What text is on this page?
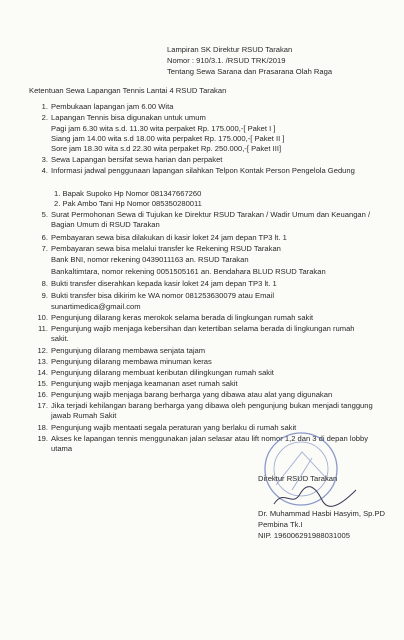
Lampiran SK Direktur RSUD Tarakan
Nomor : 910/3.1. /RSUD TRK/2019
Tentang Sewa Sarana dan Prasarana Olah Raga
Ketentuan Sewa Lapangan Tennis Lantai 4 RSUD Tarakan
1. Pembukaan lapangan jam 6.00 Wita
2. Lapangan Tennis bisa digunakan untuk umum
Pagi jam 6.30 wita s.d. 11.30 wita perpaket Rp. 175.000,-[ Paket I ]
Siang jam 14.00 wita s.d 18.00 wita perpaket Rp. 175.000,-[ Paket II ]
Sore jam 18.30 wita s.d 22.30 wita perpaket Rp. 250.000,-[ Paket III]
3. Sewa Lapangan bersifat sewa harian dan perpaket
4. Informasi jadwal penggunaan lapangan silahkan Telpon Kontak Person Pengelola Gedung
1. Bapak Supoko Hp Nomor 081347667260
2. Pak Ambo Tani Hp Nomor 085350280011
5. Surat Permohonan Sewa di Tujukan ke Direktur RSUD Tarakan / Wadir Umum dan Keuangan / Bagian Umum di RSUD Tarakan
6. Pembayaran sewa bisa dilakukan di kasir loket 24 jam depan TP3 lt. 1
7. Pembayaran sewa bisa melalui transfer ke Rekening RSUD Tarakan
Bank BNI, nomor rekening 0439011163 an. RSUD Tarakan
Bankaltimtara, nomor rekening 0051505161 an. Bendahara BLUD RSUD Tarakan
8. Bukti transfer diserahkan kepada kasir loket 24 jam depan TP3 lt. 1
9. Bukti transfer bisa dikirim ke WA nomor 081253630079 atau Email
sunartimedica@gmail.com
10. Pengunjung dilarang keras merokok selama berada di lingkungan rumah sakit
11. Pengunjung wajib menjaga kebersihan dan ketertiban selama berada di lingkungan rumah sakit.
12. Pengunjung dilarang membawa senjata tajam
13. Pengunjung dilarang membawa minuman keras
14. Pengunjung dilarang membuat keributan dilingkungan rumah sakit
15. Pengunjung wajib menjaga keamanan aset rumah sakit
16. Pengunjung wajib menjaga barang berharga yang dibawa atau alat yang digunakan
17. Jika terjadi kehilangan barang berharga yang dibawa oleh pengunjung bukan menjadi tanggung jawab Rumah Sakit
18. Pengunjung wajib mentaati segala peraturan yang berlaku di rumah sakit
19. Akses ke lapangan tennis menggunakan jalan selasar atau lift nomor 1,2 dan 3 di depan lobby utama
Direktur RSUD Tarakan
Dr. Muhammad Hasbi Hasyim, Sp.PD
Pembina Tk.I
NIP. 196006291988031005
